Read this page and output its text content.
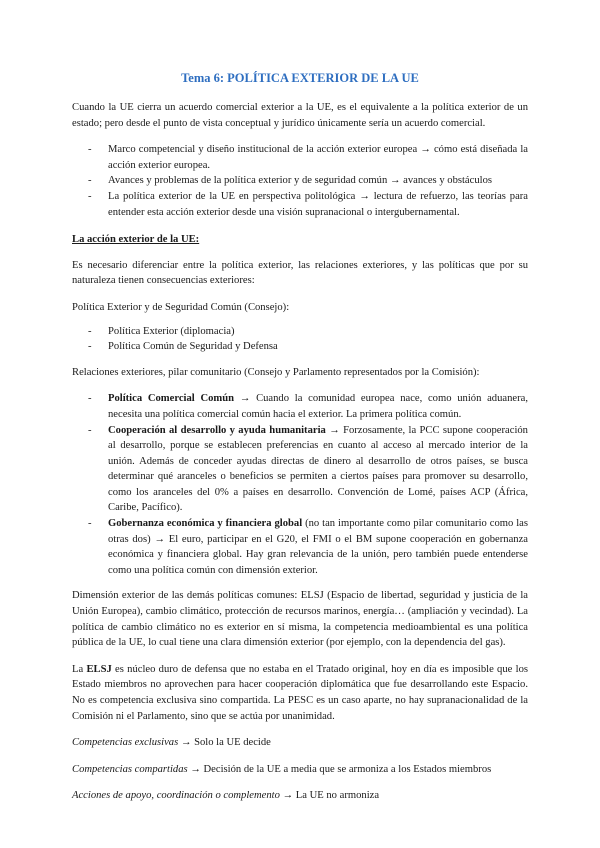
Tema 6: POLÍTICA EXTERIOR DE LA UE

Cuando la UE cierra un acuerdo comercial exterior a la UE, es el equivalente a la política exterior de un estado; pero desde el punto de vista conceptual y jurídico únicamente sería un acuerdo comercial.

- Marco competencial y diseño institucional de la acción exterior europea → cómo está diseñada la acción exterior europea.
- Avances y problemas de la política exterior y de seguridad común → avances y obstáculos
- La política exterior de la UE en perspectiva politológica → lectura de refuerzo, las teorías para entender esta acción exterior desde una visión supranacional o intergubernamental.
La acción exterior de la UE:

Es necesario diferenciar entre la política exterior, las relaciones exteriores, y las políticas que por su naturaleza tienen consecuencias exteriores:

Política Exterior y de Seguridad Común (Consejo):

- Política Exterior (diplomacia)
- Política Común de Seguridad y Defensa

Relaciones exteriores, pilar comunitario (Consejo y Parlamento representados por la Comisión):

- Política Comercial Común → Cuando la comunidad europea nace, como unión aduanera, necesita una política comercial común hacia el exterior. La primera política común.
- Cooperación al desarrollo y ayuda humanitaria → Forzosamente, la PCC supone cooperación al desarrollo, porque se establecen preferencias en cuanto al acceso al mercado interior de la unión. Además de conceder ayudas directas de dinero al desarrollo de otros países, se busca determinar qué aranceles o beneficios se permiten a ciertos países para promover su desarrollo, como los aranceles del 0% a países en desarrollo. Convención de Lomé, países ACP (África, Caribe, Pacífico).
- Gobernanza económica y financiera global (no tan importante como pilar comunitario como las otras dos) → El euro, participar en el G20, el FMI o el BM supone cooperación en gobernanza económica y financiera global. Hay gran relevancia de la unión, pero también puede entenderse como una política común con dimensión exterior.

Dimensión exterior de las demás políticas comunes: ELSJ (Espacio de libertad, seguridad y justicia de la Unión Europea), cambio climático, protección de recursos marinos, energía… (ampliación y vecindad). La política de cambio climático no es exterior en sí misma, la competencia medioambiental es una política pública de la UE, lo cual tiene una clara dimensión exterior (por ejemplo, con la dependencia del gas).

La ELSJ es núcleo duro de defensa que no estaba en el Tratado original, hoy en día es imposible que los Estado miembros no aprovechen para hacer cooperación diplomática que fue desarrollando este Espacio. No es competencia exclusiva sino compartida. La PESC es un caso aparte, no hay supranacionalidad de la Comisión ni el Parlamento, sino que se actúa por unanimidad.

Competencias exclusivas → Solo la UE decide

Competencias compartidas → Decisión de la UE a media que se armoniza a los Estados miembros

Acciones de apoyo, coordinación o complemento → La UE no armoniza
